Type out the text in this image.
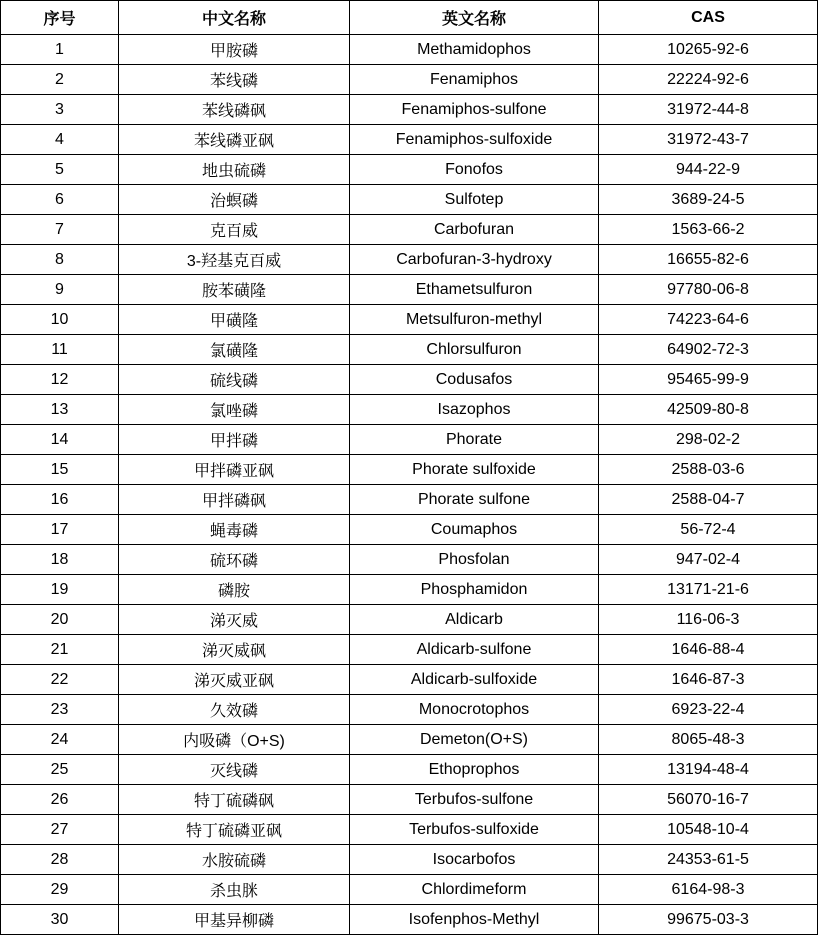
序号	中文名称	英文名称	CAS
1	甲胺磷	Methamidophos	10265-92-6
2	苯线磷	Fenamiphos	22224-92-6
3	苯线磷砜	Fenamiphos-sulfone	31972-44-8
4	苯线磷亚砜	Fenamiphos-sulfoxide	31972-43-7
5	地虫硫磷	Fonofos	944-22-9
6	治螟磷	Sulfotep	3689-24-5
7	克百威	Carbofuran	1563-66-2
8	3-羟基克百威	Carbofuran-3-hydroxy	16655-82-6
9	胺苯磺隆	Ethametsulfuron	97780-06-8
10	甲磺隆	Metsulfuron-methyl	74223-64-6
11	氯磺隆	Chlorsulfuron	64902-72-3
12	硫线磷	Codusafos	95465-99-9
13	氯唑磷	Isazophos	42509-80-8
14	甲拌磷	Phorate	298-02-2
15	甲拌磷亚砜	Phorate sulfoxide	2588-03-6
16	甲拌磷砜	Phorate sulfone	2588-04-7
17	蝇毒磷	Coumaphos	56-72-4
18	硫环磷	Phosfolan	947-02-4
19	磷胺	Phosphamidon	13171-21-6
20	涕灭威	Aldicarb	116-06-3
21	涕灭威砜	Aldicarb-sulfone	1646-88-4
22	涕灭威亚砜	Aldicarb-sulfoxide	1646-87-3
23	久效磷	Monocrotophos	6923-22-4
24	内吸磷（O+S)	Demeton(O+S)	8065-48-3
25	灭线磷	Ethoprophos	13194-48-4
26	特丁硫磷砜	Terbufos-sulfone	56070-16-7
27	特丁硫磷亚砜	Terbufos-sulfoxide	10548-10-4
28	水胺硫磷	Isocarbofos	24353-61-5
29	杀虫脒	Chlordimeform	6164-98-3
30	甲基异柳磷	Isofenphos-Methyl	99675-03-3
